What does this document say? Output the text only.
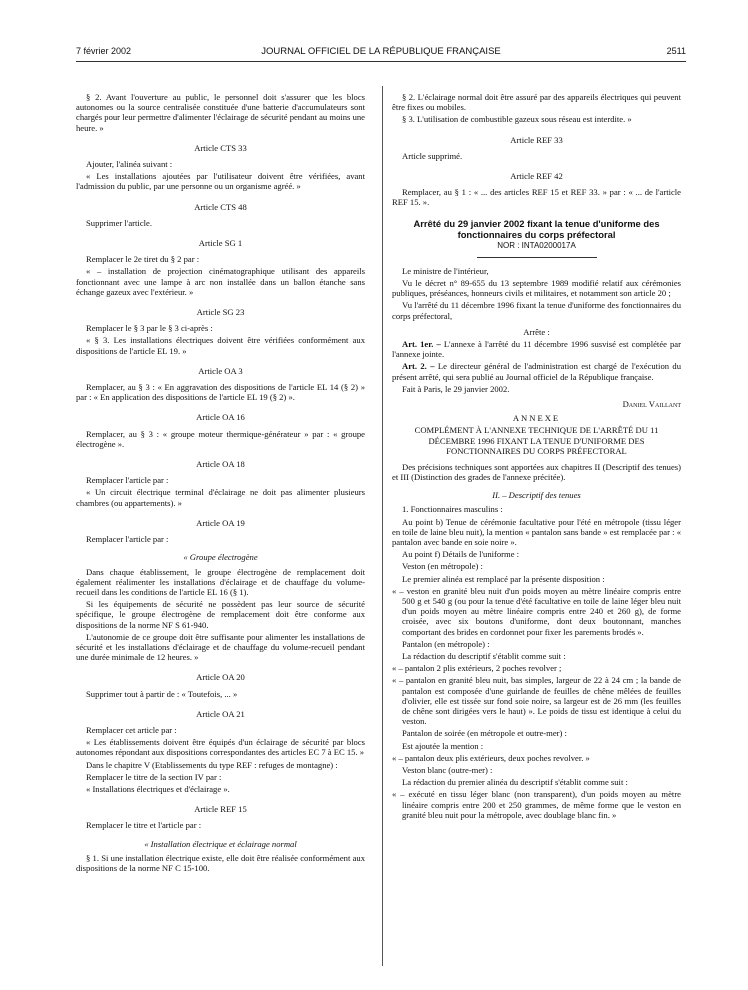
7 février 2002	JOURNAL OFFICIEL DE LA RÉPUBLIQUE FRANÇAISE	2511

§ 2. Avant l'ouverture au public, le personnel doit s'assurer que les blocs autonomes ou la source centralisée constituée d'une batterie d'accumulateurs sont chargés pour leur permettre d'alimenter l'éclairage de sécurité pendant au moins une heure. »

Article CTS 33

Ajouter, l'alinéa suivant :

« Les installations ajoutées par l'utilisateur doivent être vérifiées, avant l'admission du public, par une personne ou un organisme agréé. »

Article CTS 48

Supprimer l'article.

Article SG 1

Remplacer le 2e tiret du § 2 par :

« – installation de projection cinématographique utilisant des appareils fonctionnant avec une lampe à arc non installée dans un ballon étanche sans échange gazeux avec l'extérieur. »

Article SG 23

Remplacer le § 3 par le § 3 ci-après :

« § 3. Les installations électriques doivent être vérifiées conformément aux dispositions de l'article EL 19. »

Article OA 3

Remplacer, au § 3 : « En aggravation des dispositions de l'article EL 14 (§ 2) » par : « En application des dispositions de l'article EL 19 (§ 2) ».

Article OA 16

Remplacer, au § 3 : « groupe moteur thermique-générateur » par : « groupe électrogène ».

Article OA 18

Remplacer l'article par :

« Un circuit électrique terminal d'éclairage ne doit pas alimenter plusieurs chambres (ou appartements). »

Article OA 19

Remplacer l'article par :

« Groupe électrogène

Dans chaque établissement, le groupe électrogène de remplacement doit également réalimenter les installations d'éclairage et de chauffage du volume-recueil dans les conditions de l'article EL 16 (§ 1).

Si les équipements de sécurité ne possèdent pas leur source de sécurité spécifique, le groupe électrogène de remplacement doit être conforme aux dispositions de la norme NF S 61-940.

L'autonomie de ce groupe doit être suffisante pour alimenter les installations de sécurité et les installations d'éclairage et de chauffage du volume-recueil pendant une durée minimale de 12 heures. »

Article OA 20

Supprimer tout à partir de : « Toutefois, ... »

Article OA 21

Remplacer cet article par :

« Les établissements doivent être équipés d'un éclairage de sécurité par blocs autonomes répondant aux dispositions correspondantes des articles EC 7 à EC 15. »

Dans le chapitre V (Etablissements du type REF : refuges de montagne) :

Remplacer le titre de la section IV par :

« Installations électriques et d'éclairage ».

Article REF 15

Remplacer le titre et l'article par :

« Installation électrique et éclairage normal

§ 1. Si une installation électrique existe, elle doit être réalisée conformément aux dispositions de la norme NF C 15-100.

§ 2. L'éclairage normal doit être assuré par des appareils électriques qui peuvent être fixes ou mobiles.

§ 3. L'utilisation de combustible gazeux sous réseau est interdite. »

Article REF 33

Article supprimé.

Article REF 42

Remplacer, au § 1 : « ... des articles REF 15 et REF 33. » par : « ... de l'article REF 15. ».

Arrêté du 29 janvier 2002 fixant la tenue d'uniforme des fonctionnaires du corps préfectoral

NOR : INTA0200017A

Le ministre de l'intérieur,

Vu le décret n° 89-655 du 13 septembre 1989 modifié relatif aux cérémonies publiques, préséances, honneurs civils et militaires, et notamment son article 20 ;

Vu l'arrêté du 11 décembre 1996 fixant la tenue d'uniforme des fonctionnaires du corps préfectoral,

Arrête :

Art. 1er. – L'annexe à l'arrêté du 11 décembre 1996 susvisé est complétée par l'annexe jointe.

Art. 2. – Le directeur général de l'administration est chargé de l'exécution du présent arrêté, qui sera publié au Journal officiel de la République française.

Fait à Paris, le 29 janvier 2002.

Daniel Vaillant

ANNEXE

COMPLÉMENT À L'ANNEXE TECHNIQUE DE L'ARRÊTÉ DU 11 DÉCEMBRE 1996 FIXANT LA TENUE D'UNIFORME DES FONCTIONNAIRES DU CORPS PRÉFECTORAL

Des précisions techniques sont apportées aux chapitres II (Descriptif des tenues) et III (Distinction des grades de l'annexe précitée).

II. – Descriptif des tenues

1. Fonctionnaires masculins :

Au point b) Tenue de cérémonie facultative pour l'été en métropole (tissu léger en toile de laine bleu nuit), la mention « pantalon sans bande » est remplacée par : « pantalon avec bande en soie noire ».

Au point f) Détails de l'uniforme :

Veston (en métropole) :

Le premier alinéa est remplacé par la présente disposition :

« – veston en granité bleu nuit d'un poids moyen au mètre linéaire compris entre 500 g et 540 g (ou pour la tenue d'été facultative en toile de laine léger bleu nuit d'un poids moyen au mètre linéaire compris entre 240 et 260 g), de forme croisée, avec six boutons d'uniforme, dont deux boutonnant, manches comportant des brides en cordonnet pour fixer les parements brodés ».

Pantalon (en métropole) :

La rédaction du descriptif s'établit comme suit :

« – pantalon 2 plis extérieurs, 2 poches revolver ;

« – pantalon en granité bleu nuit, bas simples, largeur de 22 à 24 cm ; la bande de pantalon est composée d'une guirlande de feuilles de chêne mêlées de feuilles d'olivier, elle est tissée sur fond soie noire, sa largeur est de 26 mm (les feuilles de chêne sont dirigées vers le haut) ». Le poids de tissu est identique à celui du veston.

Pantalon de soirée (en métropole et outre-mer) :

Est ajoutée la mention :

« – pantalon deux plis extérieurs, deux poches revolver. »

Veston blanc (outre-mer) :

La rédaction du premier alinéa du descriptif s'établit comme suit :

« – exécuté en tissu léger blanc (non transparent), d'un poids moyen au mètre linéaire compris entre 200 et 250 grammes, de même forme que le veston en granité bleu nuit pour la métropole, avec doublage blanc fin. »
